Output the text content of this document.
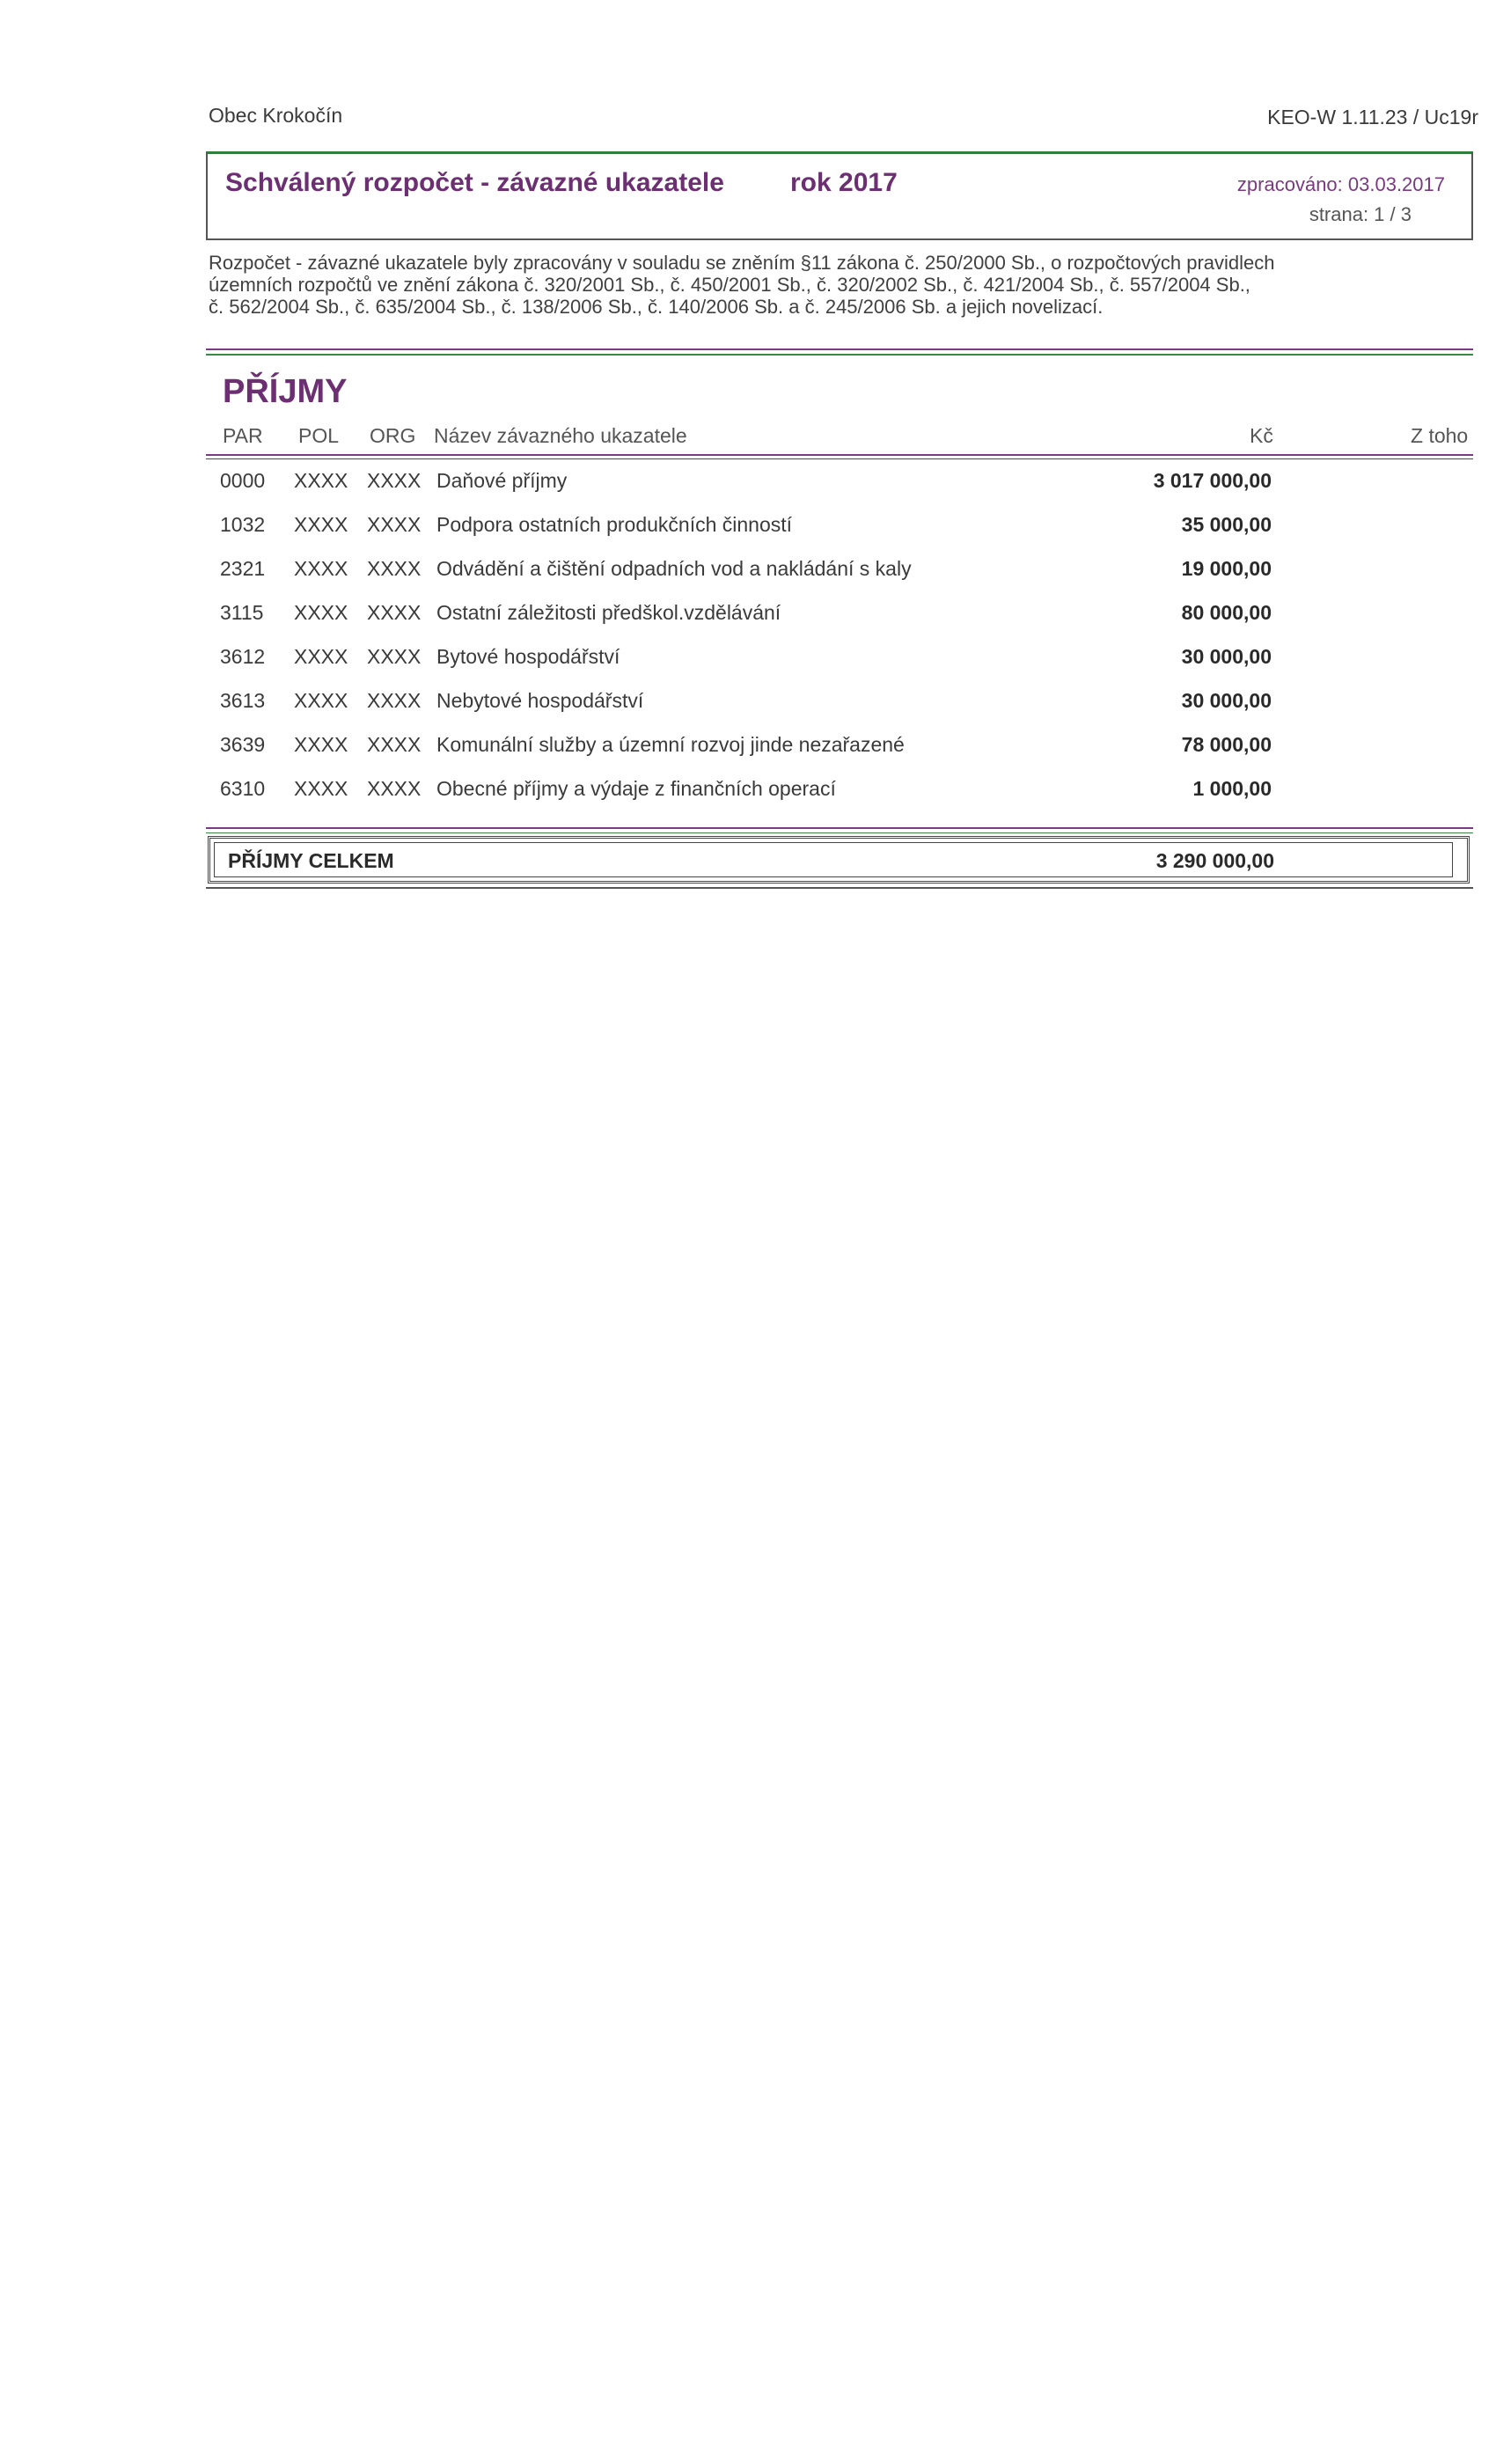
Obec Krokočín	KEO-W 1.11.23 / Uc19r
Schválený rozpočet - závazné ukazatele	rok 2017	zpracováno: 03.03.2017
strana: 1 / 3
Rozpočet - závazné ukazatele byly zpracovány v souladu se zněním §11 zákona č. 250/2000 Sb., o rozpočtových pravidlech
územních rozpočtů ve znění zákona č. 320/2001 Sb., č. 450/2001 Sb., č. 320/2002 Sb., č. 421/2004 Sb., č. 557/2004 Sb.,
č. 562/2004 Sb., č. 635/2004 Sb., č. 138/2006 Sb., č. 140/2006 Sb. a č. 245/2006 Sb. a jejich novelizací.
PŘÍJMY
PAR POL ORG Název závazného ukazatele	Kč	Z toho
0000 XXXX XXXX Daňové příjmy	3 017 000,00
1032 XXXX XXXX Podpora ostatních produkčních činností	35 000,00
2321 XXXX XXXX Odvádění a čištění odpadních vod a nakládání s kaly	19 000,00
3115 XXXX XXXX Ostatní záležitosti předškol.vzdělávání	80 000,00
3612 XXXX XXXX Bytové hospodářství	30 000,00
3613 XXXX XXXX Nebytové hospodářství	30 000,00
3639 XXXX XXXX Komunální služby a územní rozvoj jinde nezařazené	78 000,00
6310 XXXX XXXX Obecné příjmy a výdaje z finančních operací	1 000,00
PŘÍJMY CELKEM	3 290 000,00
